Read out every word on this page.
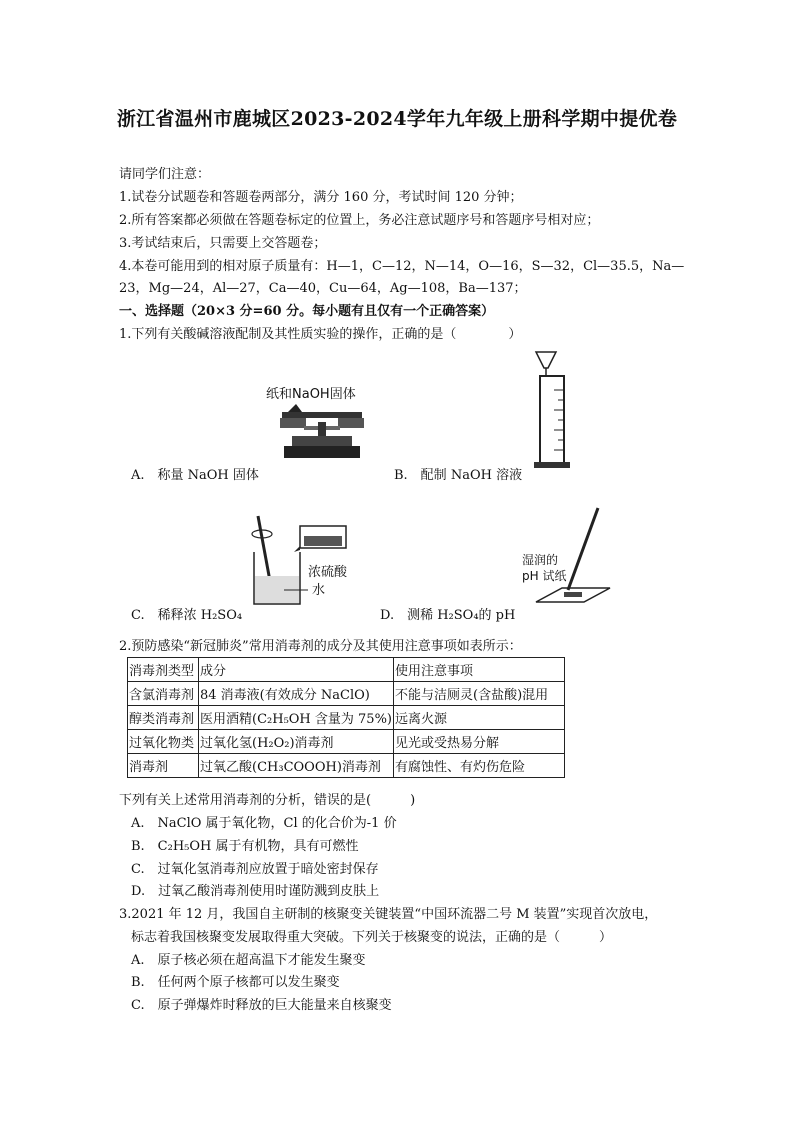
浙江省温州市鹿城区2023-2024学年九年级上册科学期中提优卷
请同学们注意：
1.试卷分试题卷和答题卷两部分，满分 160 分，考试时间 120 分钟；
2.所有答案都必须做在答题卷标定的位置上，务必注意试题序号和答题序号相对应；
3.考试结束后，只需要上交答题卷；
4.本卷可能用到的相对原子质量有：H—1，C—12，N—14，O—16，S—32，Cl—35.5，Na—
23，Mg—24，Al—27，Ca—40，Cu—64，Ag—108，Ba—137；
一、选择题（20×3 分=60 分。每小题有且仅有一个正确答案）
1.下列有关酸碱溶液配制及其性质实验的操作，正确的是（　　　　）
纸和NaOH固体
A.　称量 NaOH 固体	B.　配制 NaOH 溶液
浓硫酸
水
湿润的
pH 试纸
C.　稀释浓 H₂SO₄	D.　测稀 H₂SO₄的 pH
2.预防感染“新冠肺炎”常用消毒剂的成分及其使用注意事项如表所示：
消毒剂类型	成分	使用注意事项
含氯消毒剂	84 消毒液(有效成分 NaClO)	不能与洁厕灵(含盐酸)混用
醇类消毒剂	医用酒精(C₂H₅OH 含量为 75%)	远离火源
过氧化物类	过氧化氢(H₂O₂)消毒剂	见光或受热易分解
消毒剂	过氧乙酸(CH₃COOOH)消毒剂	有腐蚀性、有灼伤危险
下列有关上述常用消毒剂的分析，错误的是(　　　)
A.　NaClO 属于氧化物，Cl 的化合价为-1 价
B.　C₂H₅OH 属于有机物，具有可燃性
C.　过氧化氢消毒剂应放置于暗处密封保存
D.　过氧乙酸消毒剂使用时谨防溅到皮肤上
3.2021 年 12 月，我国自主研制的核聚变关键装置“中国环流器二号 M 装置”实现首次放电，
标志着我国核聚变发展取得重大突破。下列关于核聚变的说法，正确的是（　　　）
A.　原子核必须在超高温下才能发生聚变
B.　任何两个原子核都可以发生聚变
C.　原子弹爆炸时释放的巨大能量来自核聚变
